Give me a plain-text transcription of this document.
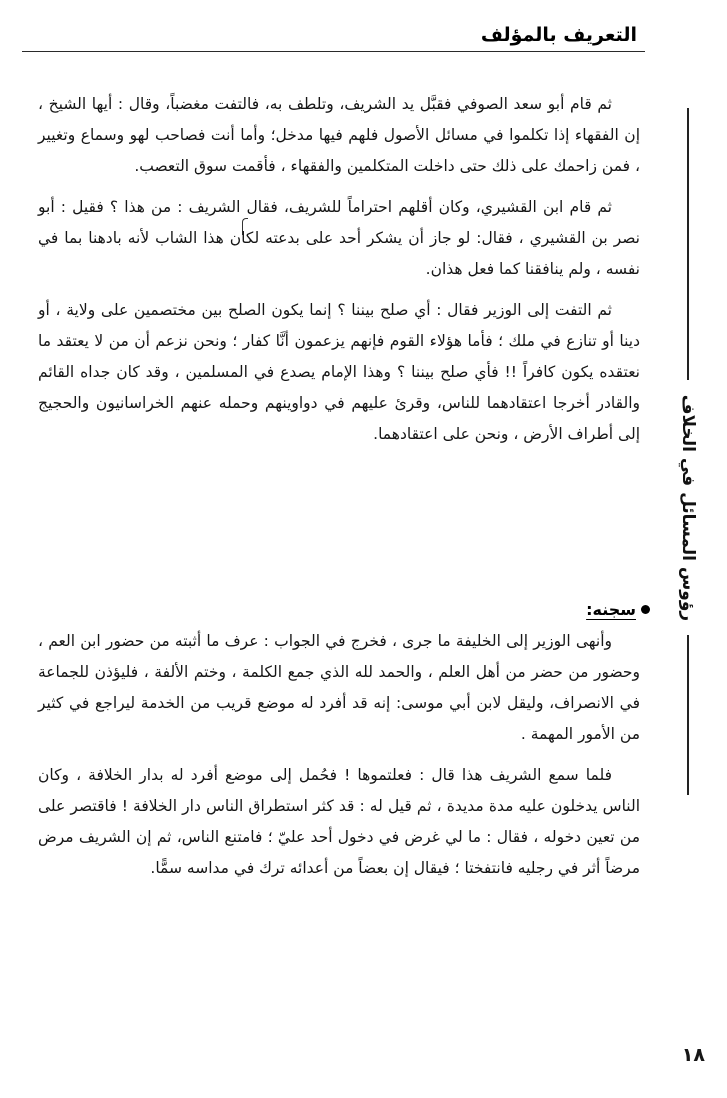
التعريف بالمؤلف
رؤوس المسائل في الخلاف

ثم قام أبو سعد الصوفي فقبَّل يد الشريف، وتلطف به، فالتفت مغضباً، وقال : أيها الشيخ ، إن الفقهاء إذا تكلموا في مسائل الأصول فلهم فيها مدخل؛ وأما أنت فصاحب لهو وسماع وتغيير ، فمن زاحمك على ذلك حتى داخلت المتكلمين والفقهاء ، فأقمت سوق التعصب.

ثم قام ابن القشيري، وكان أقلهم احتراماً للشريف، فقال الشريف : من هذا ؟ فقيل : أبو نصر بن القشيري ، فقال: لو جاز أن يشكر أحد على بدعته لكان هذا الشاب لأنه بادهنا بما في نفسه ، ولم ينافقنا كما فعل هذان.

ثم التفت إلى الوزير فقال : أي صلح بيننا ؟ إنما يكون الصلح بين مختصمين على ولاية ، أو دينا أو تنازع في ملك ؛ فأما هؤلاء القوم فإنهم يزعمون أنَّا كفار ؛ ونحن نزعم أن من لا يعتقد ما نعتقده يكون كافراً !! فأي صلح بيننا ؟ وهذا الإمام يصدع في المسلمين ، وقد كان جداه القائم والقادر أخرجا اعتقادهما للناس، وقرئ عليهم في دواوينهم وحمله عنهم الخراسانيون والحجيج إلى أطراف الأرض ، ونحن على اعتقادهما.

سجنه:

وأنهى الوزير إلى الخليفة ما جرى ، فخرج في الجواب : عرف ما أثبته من حضور ابن العم ، وحضور من حضر من أهل العلم ، والحمد لله الذي جمع الكلمة ، وختم الألفة ، فليؤذن للجماعة في الانصراف، وليقل لابن أبي موسى: إنه قد أفرد له موضع قريب من الخدمة ليراجع في كثير من الأمور المهمة .

فلما سمع الشريف هذا قال : فعلتموها ! فحُمل إلى موضع أفرد له بدار الخلافة ، وكان الناس يدخلون عليه مدة مديدة ، ثم قيل له : قد كثر استطراق الناس دار الخلافة ! فاقتصر على من تعين دخوله ، فقال : ما لي غرض في دخول أحد عليّ ؛ فامتنع الناس، ثم إن الشريف مرض مرضاً أثر في رجليه فانتفختا ؛ فيقال إن بعضاً من أعدائه ترك في مداسه سمًّا.

١٨
